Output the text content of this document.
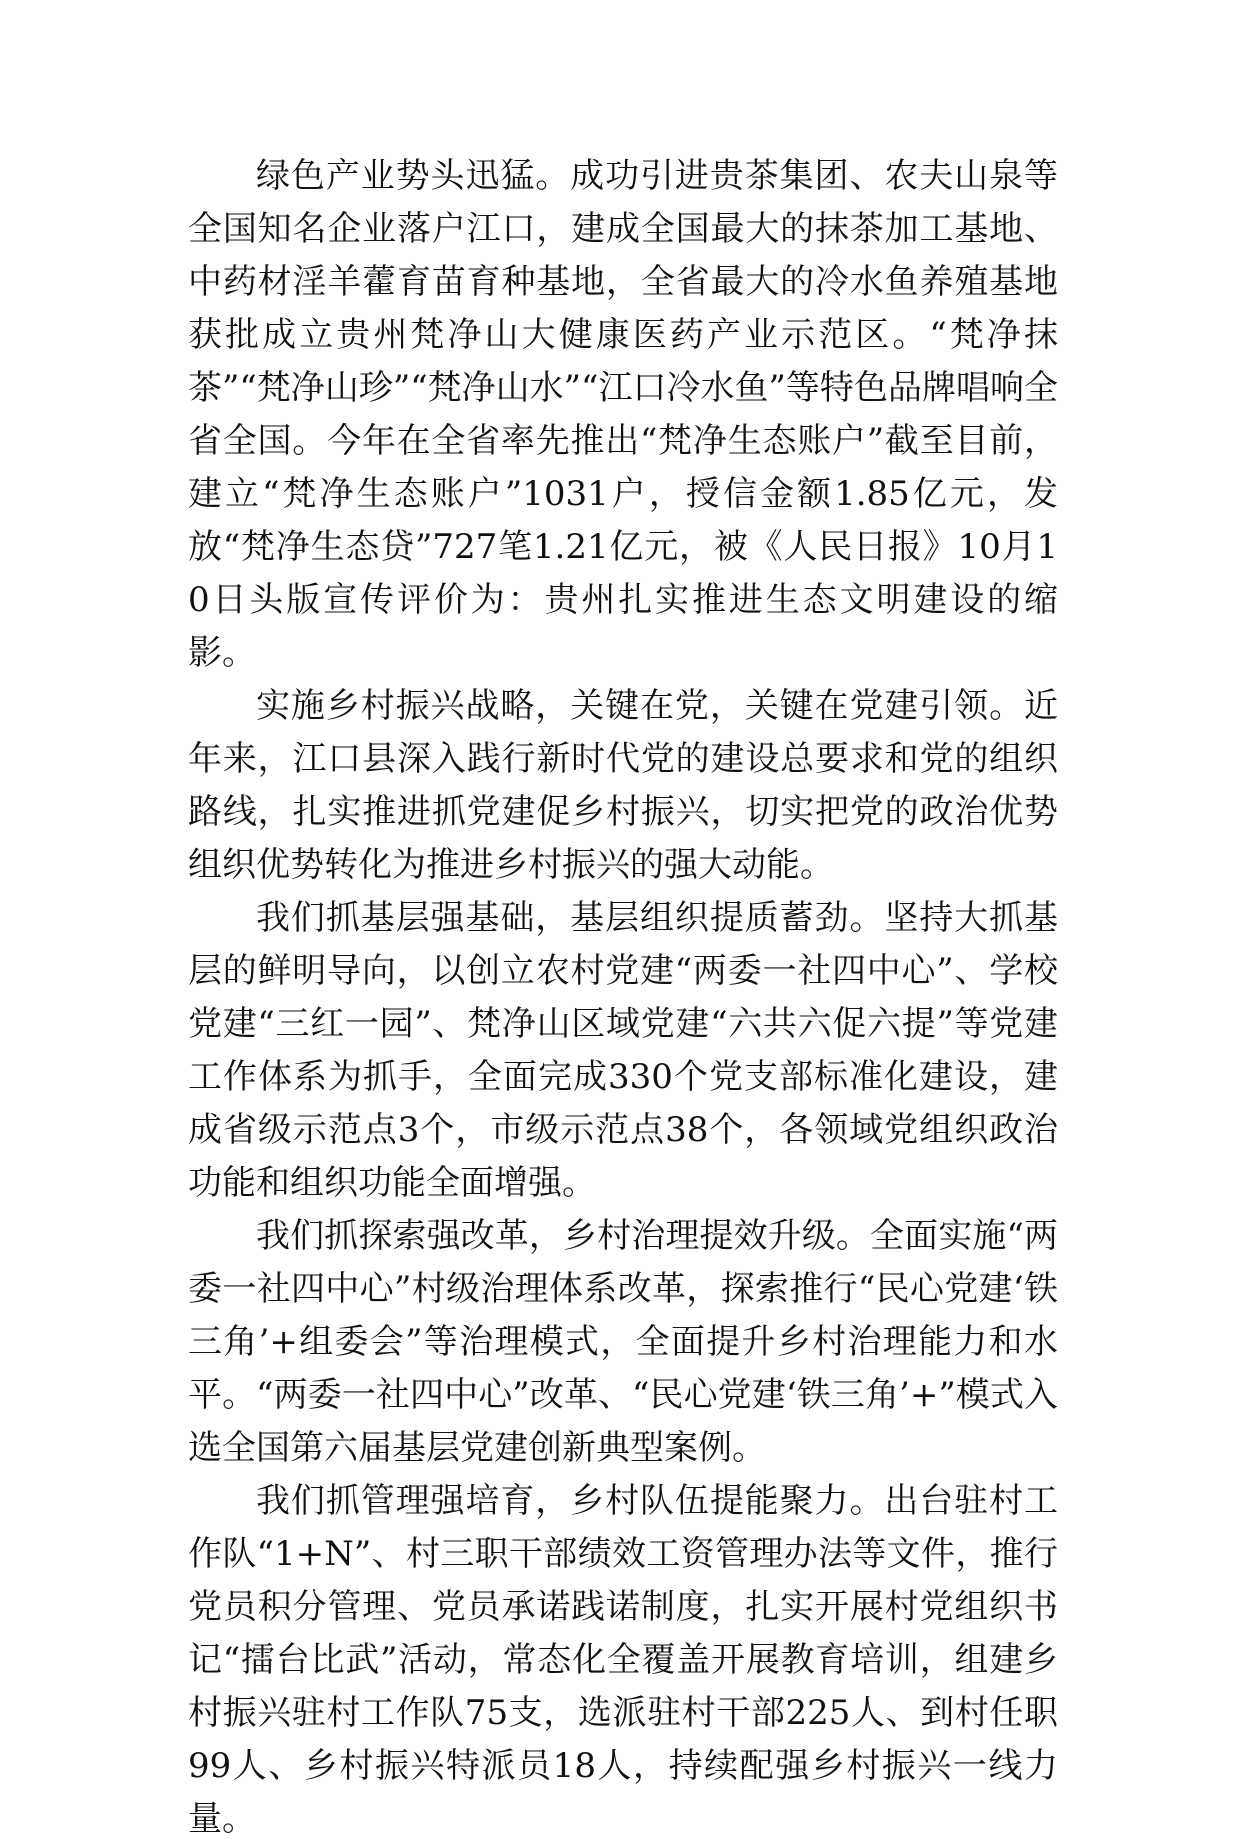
绿色产业势头迅猛。成功引进贵茶集团、农夫山泉等全国知名企业落户江口，建成全国最大的抹茶加工基地、中药材淫羊藿育苗育种基地，全省最大的冷水鱼养殖基地获批成立贵州梵净山大健康医药产业示范区。“梵净抹茶”“梵净山珍”“梵净山水”“江口冷水鱼”等特色品牌唱响全省全国。今年在全省率先推出“梵净生态账户”截至目前，建立“梵净生态账户”1031户，授信金额1.85亿元，发放“梵净生态贷”727笔1.21亿元，被《人民日报》10月10日头版宣传评价为：贵州扎实推进生态文明建设的缩影。

实施乡村振兴战略，关键在党，关键在党建引领。近年来，江口县深入践行新时代党的建设总要求和党的组织路线，扎实推进抓党建促乡村振兴，切实把党的政治优势组织优势转化为推进乡村振兴的强大动能。

我们抓基层强基础，基层组织提质蓄劲。坚持大抓基层的鲜明导向，以创立农村党建“两委一社四中心”、学校党建“三红一园”、梵净山区域党建“六共六促六提”等党建工作体系为抓手，全面完成330个党支部标准化建设，建成省级示范点3个，市级示范点38个，各领域党组织政治功能和组织功能全面增强。

我们抓探索强改革，乡村治理提效升级。全面实施“两委一社四中心”村级治理体系改革，探索推行“民心党建‘铁三角’+组委会”等治理模式，全面提升乡村治理能力和水平。“两委一社四中心”改革、“民心党建‘铁三角’+”模式入选全国第六届基层党建创新典型案例。

我们抓管理强培育，乡村队伍提能聚力。出台驻村工作队“1+N”、村三职干部绩效工资管理办法等文件，推行党员积分管理、党员承诺践诺制度，扎实开展村党组织书记“擂台比武”活动，常态化全覆盖开展教育培训，组建乡村振兴驻村工作队75支，选派驻村干部225人、到村任职99人、乡村振兴特派员18人，持续配强乡村振兴一线力量。
